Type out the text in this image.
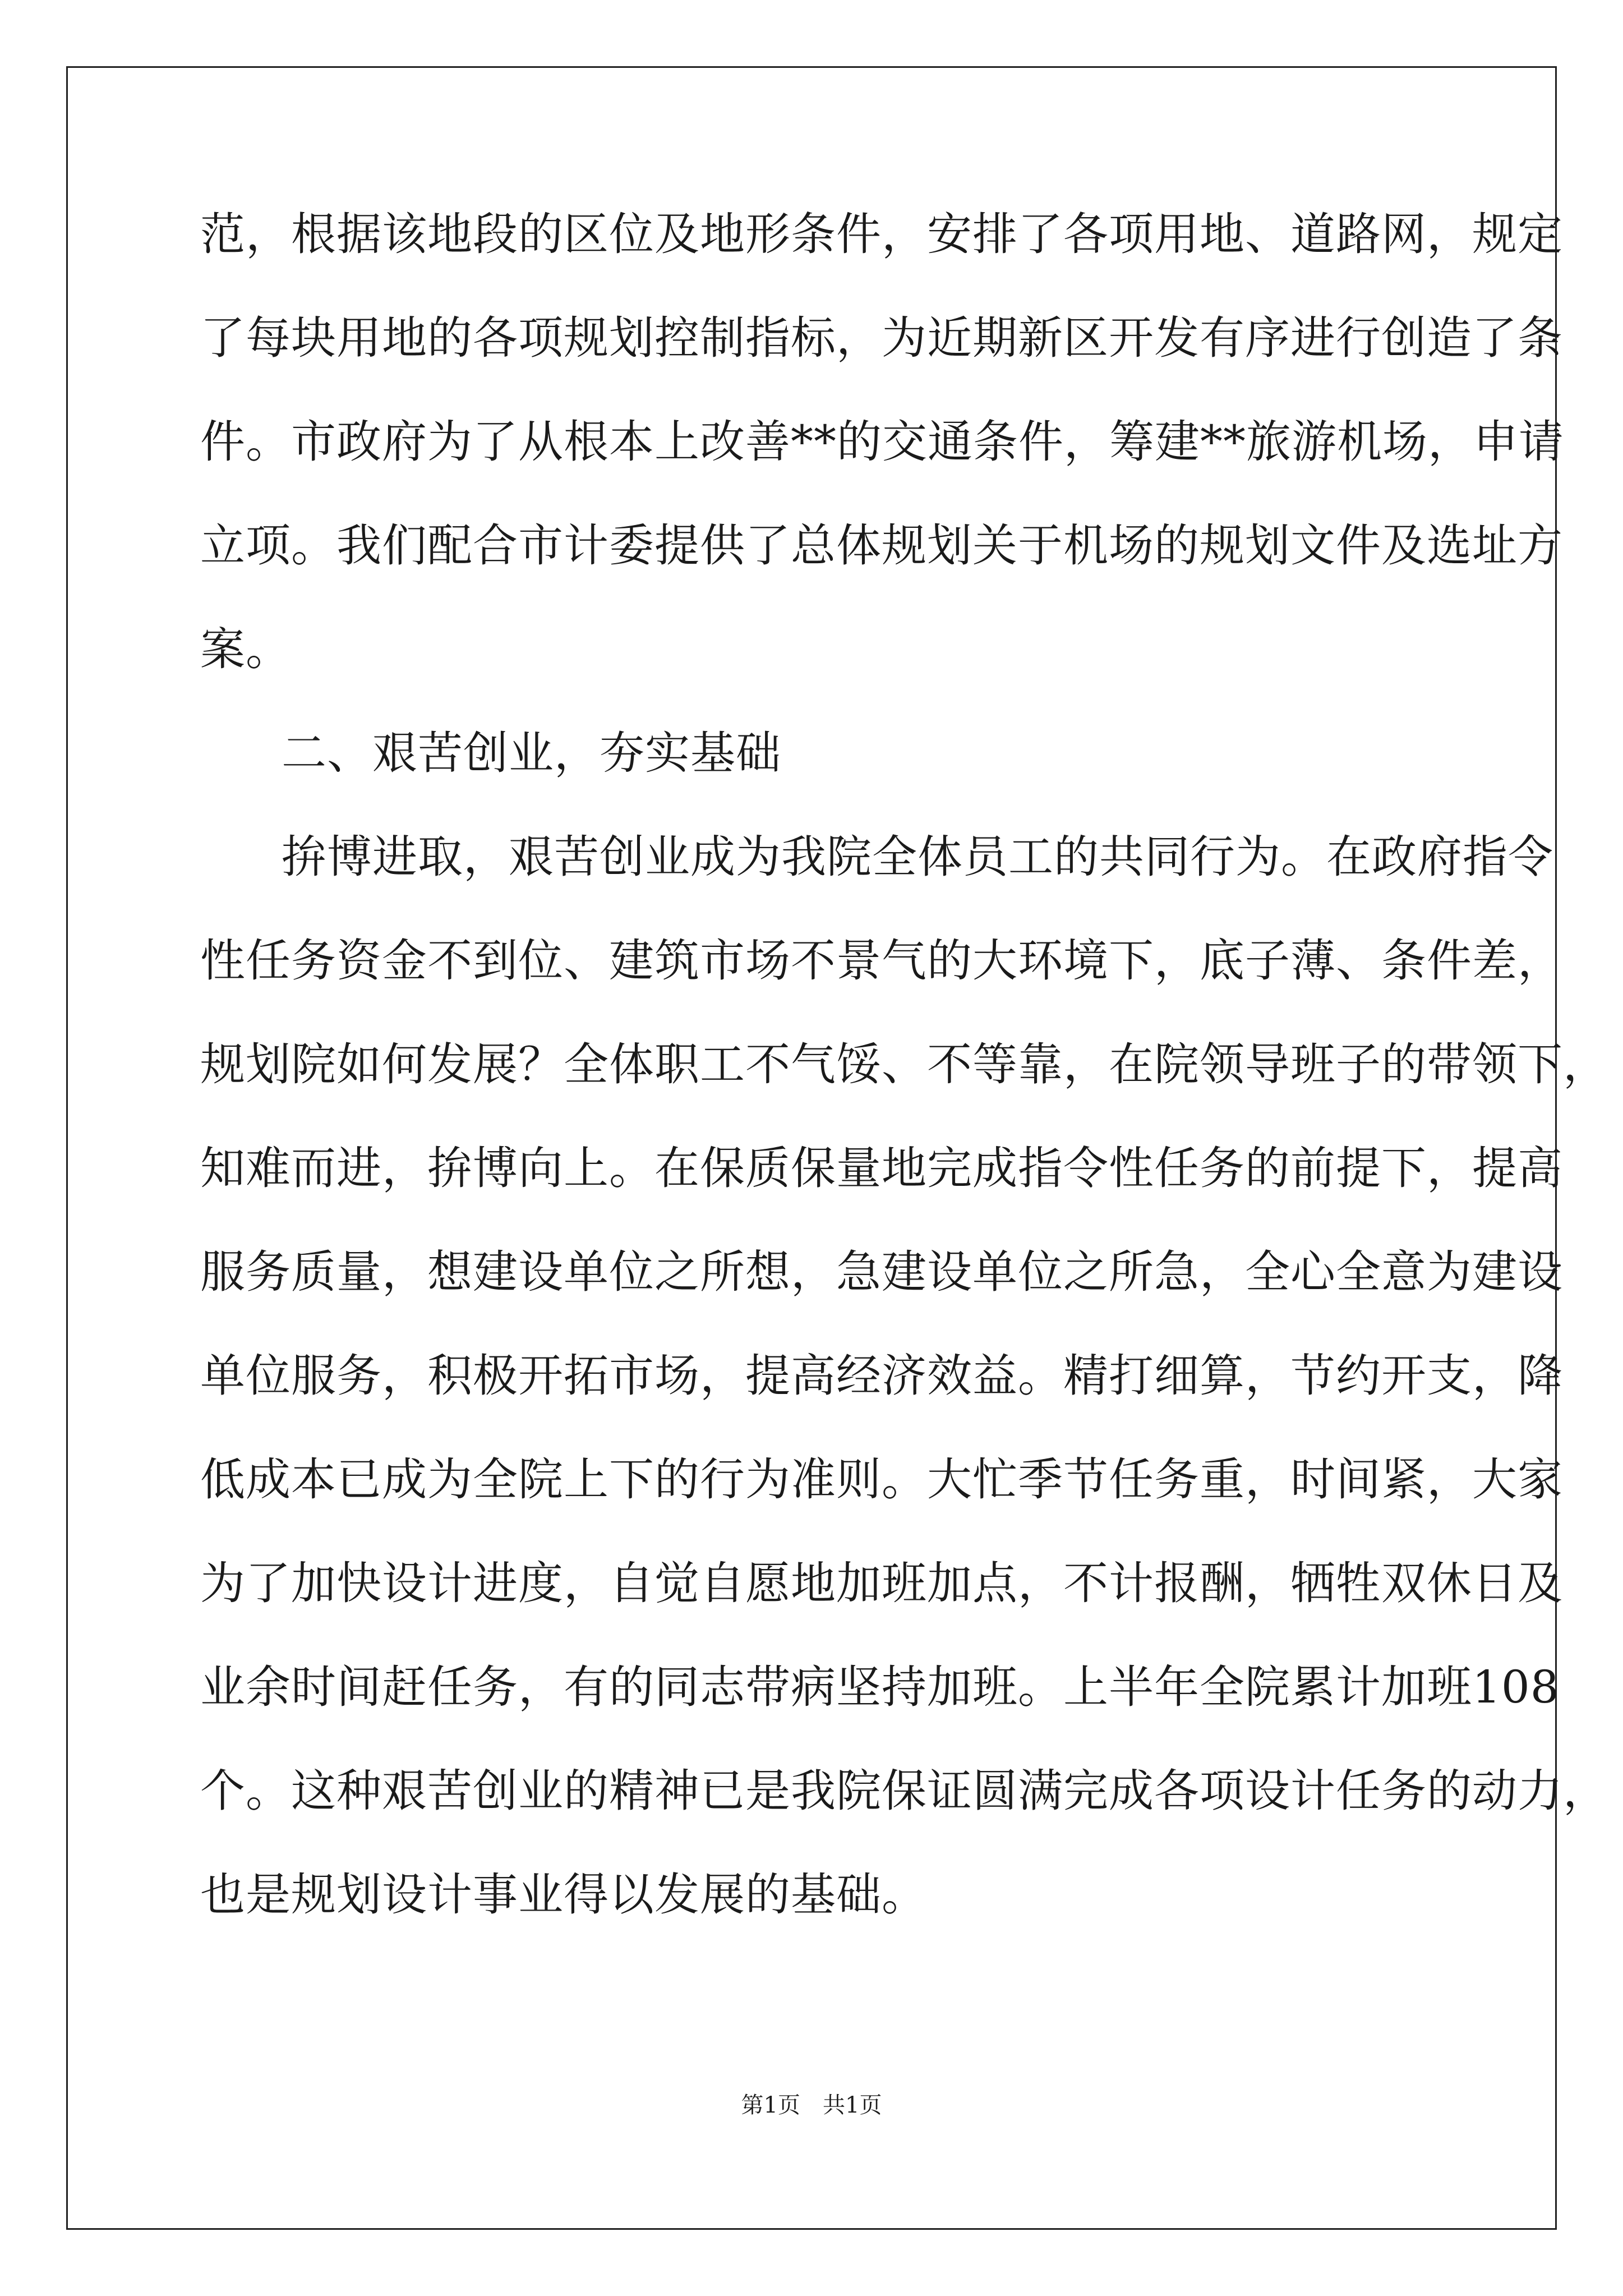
范，根据该地段的区位及地形条件，安排了各项用地、道路网，规定
了每块用地的各项规划控制指标，为近期新区开发有序进行创造了条
件。市政府为了从根本上改善**的交通条件，筹建**旅游机场，申请
立项。我们配合市计委提供了总体规划关于机场的规划文件及选址方
案。
二、艰苦创业，夯实基础
拚博进取，艰苦创业成为我院全体员工的共同行为。在政府指令
性任务资金不到位、建筑市场不景气的大环境下，底子薄、条件差，
规划院如何发展？全体职工不气馁、不等靠，在院领导班子的带领下，
知难而进，拚博向上。在保质保量地完成指令性任务的前提下，提高
服务质量，想建设单位之所想，急建设单位之所急，全心全意为建设
单位服务，积极开拓市场，提高经济效益。精打细算，节约开支，降
低成本已成为全院上下的行为准则。大忙季节任务重，时间紧，大家
为了加快设计进度，自觉自愿地加班加点，不计报酬，牺牲双休日及
业余时间赶任务，有的同志带病坚持加班。上半年全院累计加班108
个。这种艰苦创业的精神已是我院保证圆满完成各项设计任务的动力，
也是规划设计事业得以发展的基础。
第1页　共1页
